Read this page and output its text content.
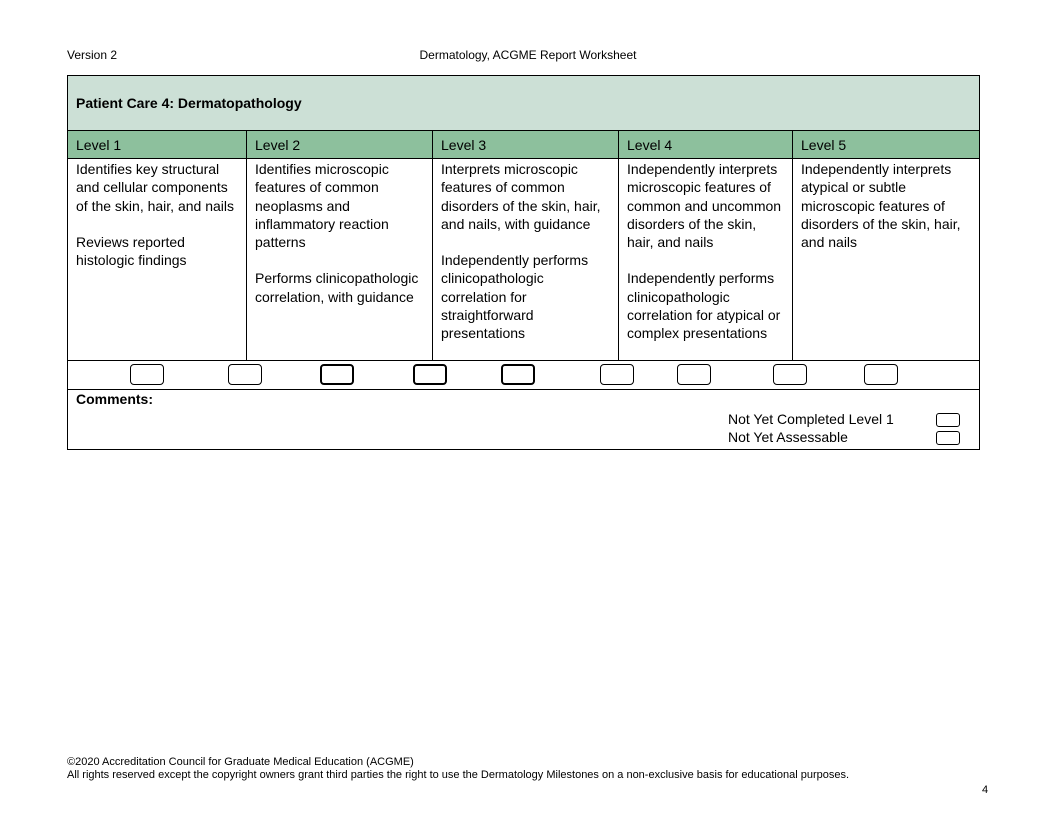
Version 2	Dermatology, ACGME Report Worksheet
Patient Care 4: Dermatopathology
Level 1

Identifies key structural and cellular components of the skin, hair, and nails

Reviews reported histologic findings

Level 2

Identifies microscopic features of common neoplasms and inflammatory reaction patterns

Performs clinicopathologic correlation, with guidance

Level 3

Interprets microscopic features of common disorders of the skin, hair, and nails, with guidance

Independently performs clinicopathologic correlation for straightforward presentations

Level 4

Independently interprets microscopic features of common and uncommon disorders of the skin, hair, and nails

Independently performs clinicopathologic correlation for atypical or complex presentations

Level 5

Independently interprets atypical or subtle microscopic features of disorders of the skin, hair, and nails

Comments:
Not Yet Completed Level 1
Not Yet Assessable
©2020 Accreditation Council for Graduate Medical Education (ACGME)
All rights reserved except the copyright owners grant third parties the right to use the Dermatology Milestones on a non-exclusive basis for educational purposes.
4
